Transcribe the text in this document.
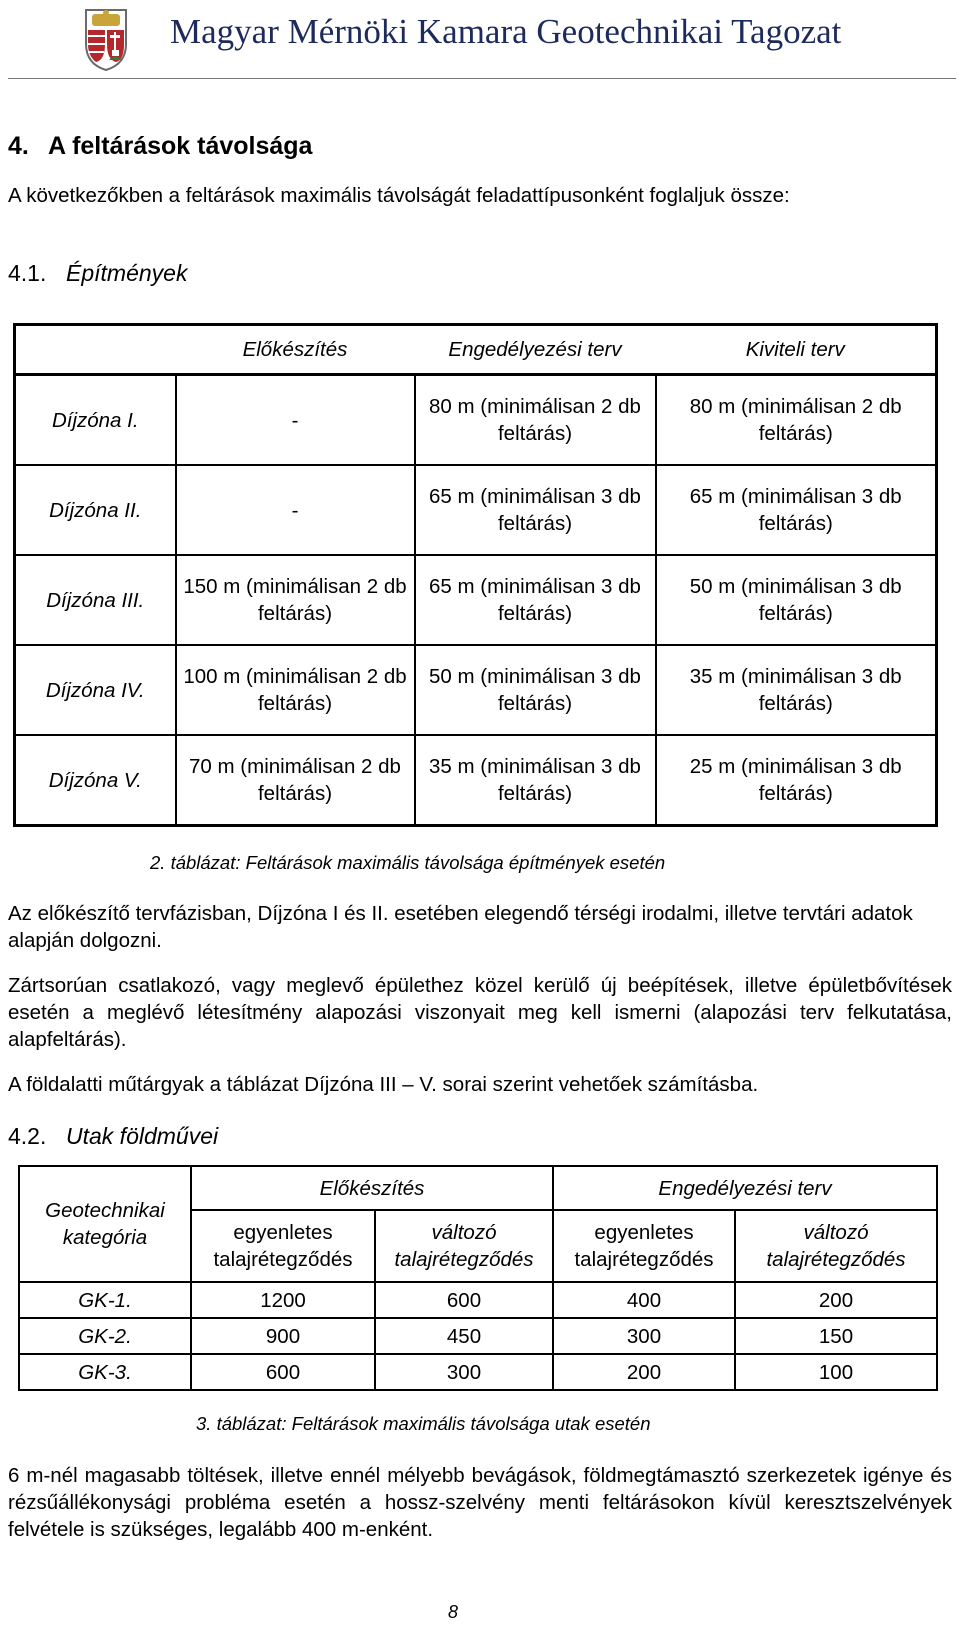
Magyar Mérnöki Kamara Geotechnikai Tagozat
4. A feltárások távolsága
A következőkben a feltárások maximális távolságát feladattípusonként foglaljuk össze:
4.1. Építmények
	Előkészítés	Engedélyezési terv	Kiviteli terv
Díjzóna I.	-	80 m (minimálisan 2 db feltárás)	80 m (minimálisan 2 db feltárás)
Díjzóna II.	-	65 m (minimálisan 3 db feltárás)	65 m (minimálisan 3 db feltárás)
Díjzóna III.	150 m (minimálisan 2 db feltárás)	65 m (minimálisan 3 db feltárás)	50 m (minimálisan 3 db feltárás)
Díjzóna IV.	100 m (minimálisan 2 db feltárás)	50 m (minimálisan 3 db feltárás)	35 m (minimálisan 3 db feltárás)
Díjzóna V.	70 m (minimálisan 2 db feltárás)	35 m (minimálisan 3 db feltárás)	25 m (minimálisan 3 db feltárás)
2. táblázat: Feltárások maximális távolsága építmények esetén
Az előkészítő tervfázisban, Díjzóna I és II. esetében elegendő térségi irodalmi, illetve tervtári adatok alapján dolgozni.
Zártsorúan csatlakozó, vagy meglevő épülethez közel kerülő új beépítések, illetve épületbővítések esetén a meglévő létesítmény alapozási viszonyait meg kell ismerni (alapozási terv felkutatása, alapfeltárás).
A földalatti műtárgyak a táblázat Díjzóna III – V. sorai szerint vehetőek számításba.
4.2. Utak földművei
Geotechnikai kategória	Előkészítés		Engedélyezési terv	
	egyenletes talajrétegződés	változó talajrétegződés	egyenletes talajrétegződés	változó talajrétegződés
GK-1.	1200	600	400	200
GK-2.	900	450	300	150
GK-3.	600	300	200	100
3. táblázat: Feltárások maximális távolsága utak esetén
6 m-nél magasabb töltések, illetve ennél mélyebb bevágások, földmegtámasztó szerkezetek igénye és rézsűállékonysági probléma esetén a hossz-szelvény menti feltárásokon kívül keresztszelvények felvétele is szükséges, legalább 400 m-enként.
8
